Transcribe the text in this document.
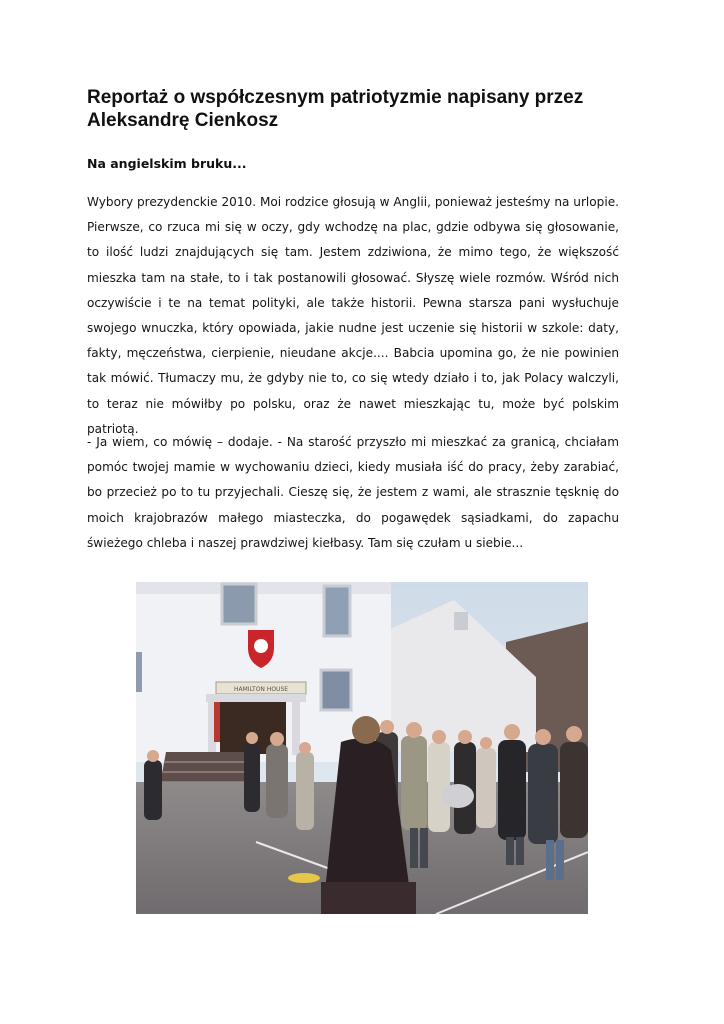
Reportaż o współczesnym patriotyzmie napisany przez Aleksandrę Cienkosz

Na angielskim bruku...

Wybory prezydenckie 2010. Moi rodzice głosują w Anglii, ponieważ jesteśmy na urlopie. Pierwsze, co rzuca mi się w oczy, gdy wchodzę na plac, gdzie odbywa się głosowanie, to ilość ludzi znajdujących się tam. Jestem zdziwiona, że mimo tego, że większość mieszka tam na stałe, to i tak postanowili głosować. Słyszę wiele rozmów. Wśród nich oczywiście i te na temat polityki, ale także historii. Pewna starsza pani wysłuchuje swojego wnuczka, który opowiada, jakie nudne jest uczenie się historii w szkole: daty, fakty, męczeństwa, cierpienie, nieudane akcje.... Babcia upomina go, że nie powinien tak mówić. Tłumaczy mu, że gdyby nie to, co się wtedy działo i to, jak Polacy walczyli, to teraz nie mówiłby po polsku, oraz że nawet mieszkając tu, może być polskim patriotą.

- Ja wiem, co mówię – dodaje. - Na starość przyszło mi mieszkać za granicą, chciałam pomóc twojej mamie w wychowaniu dzieci, kiedy musiała iść do pracy, żeby zarabiać, bo przecież po to tu przyjechali. Cieszę się, że jestem z wami, ale strasznie tęsknię do moich krajobrazów małego miasteczka, do pogawędek sąsiadkami, do zapachu świeżego chleba i naszej prawdziwej kiełbasy. Tam się czułam u siebie...

HAMILTON HOUSE
